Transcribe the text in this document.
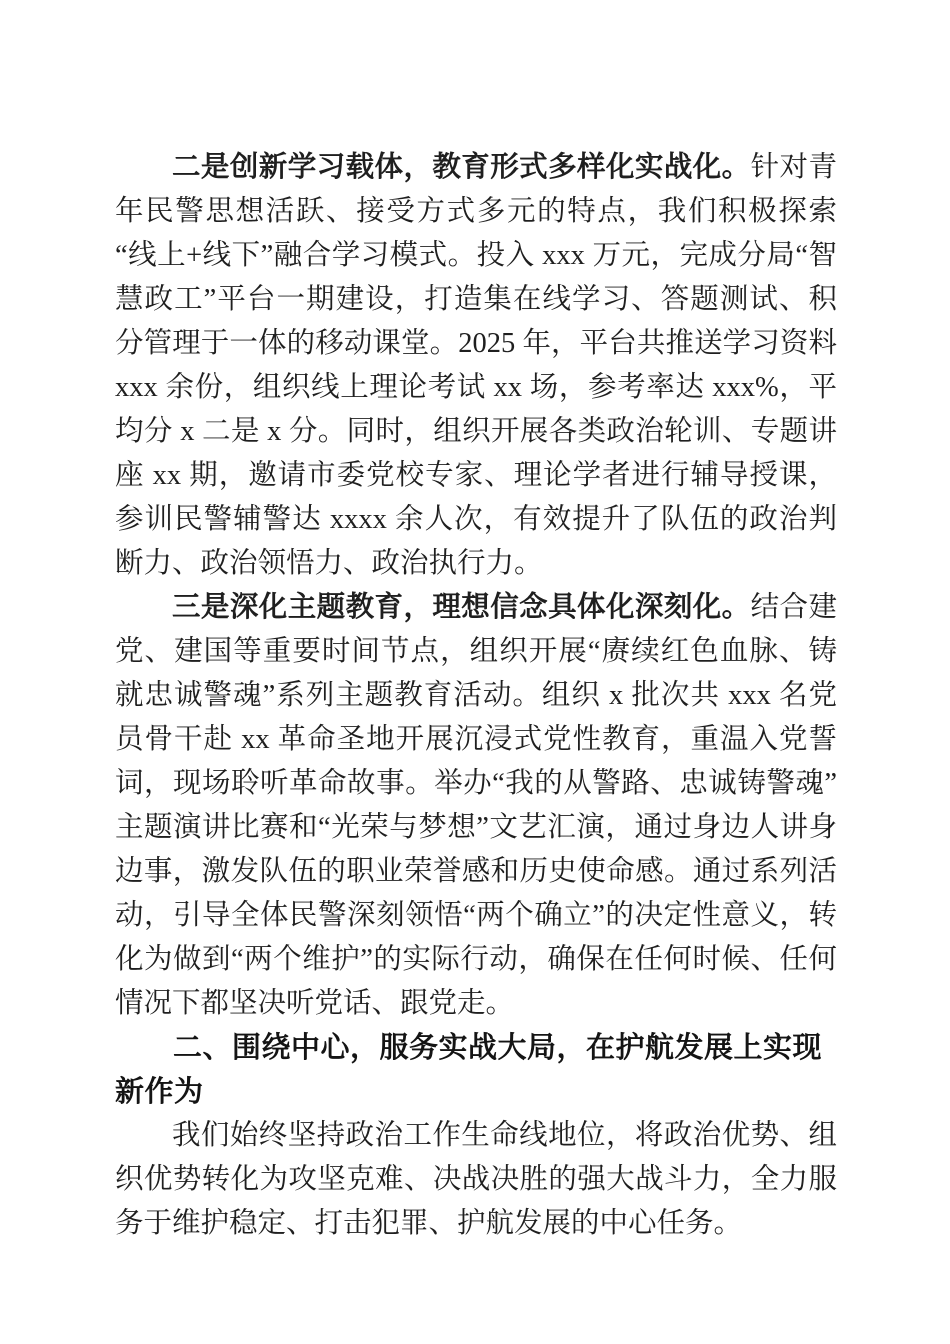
二是创新学习载体，教育形式多样化实战化。针对青年民警思想活跃、接受方式多元的特点，我们积极探索“线上+线下”融合学习模式。投入 xxx 万元，完成分局“智慧政工”平台一期建设，打造集在线学习、答题测试、积分管理于一体的移动课堂。2025 年，平台共推送学习资料 xxx 余份，组织线上理论考试 xx 场，参考率达 xxx%，平均分 x 二是 x 分。同时，组织开展各类政治轮训、专题讲座 xx 期，邀请市委党校专家、理论学者进行辅导授课，参训民警辅警达 xxxx 余人次，有效提升了队伍的政治判断力、政治领悟力、政治执行力。

三是深化主题教育，理想信念具体化深刻化。结合建党、建国等重要时间节点，组织开展“赓续红色血脉、铸就忠诚警魂”系列主题教育活动。组织 x 批次共 xxx 名党员骨干赴 xx 革命圣地开展沉浸式党性教育，重温入党誓词，现场聆听革命故事。举办“我的从警路、忠诚铸警魂”主题演讲比赛和“光荣与梦想”文艺汇演，通过身边人讲身边事，激发队伍的职业荣誉感和历史使命感。通过系列活动，引导全体民警深刻领悟“两个确立”的决定性意义，转化为做到“两个维护”的实际行动，确保在任何时候、任何情况下都坚决听党话、跟党走。

二、围绕中心，服务实战大局，在护航发展上实现新作为

我们始终坚持政治工作生命线地位，将政治优势、组织优势转化为攻坚克难、决战决胜的强大战斗力，全力服务于维护稳定、打击犯罪、护航发展的中心任务。
